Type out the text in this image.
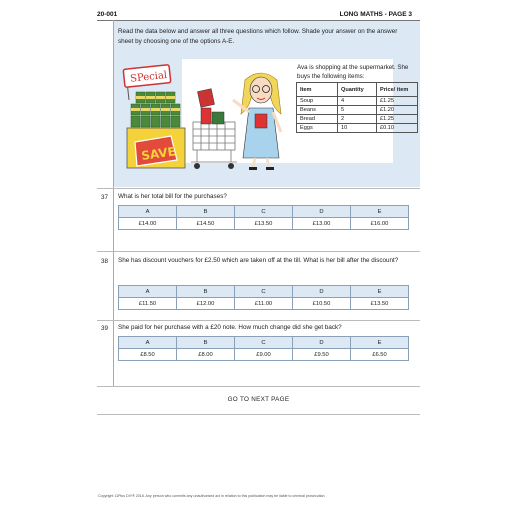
20-001	LONG MATHS - PAGE 3
Read the data below and answer all three questions which follow. Shade your answer on the answer sheet by choosing one of the options A-E.
SPecial
SAVE!
Ava is shopping at the supermarket. She buys the following items:
Item	Quantity	Price/ item
Soup	4	£1.25
Beans	5	£1.20
Bread	2	£1.25
Eggs	10	£0.10
37 What is her total bill for the purchases?
A	B	C	D	E
£14.00	£14.50	£13.50	£13.00	£16.00
38 She has discount vouchers for £2.50 which are taken off at the till. What is her bill after the discount?
A	B	C	D	E
£11.50	£12.00	£11.00	£10.50	£13.50
39 She paid for her purchase with a £20 note. How much change did she get back?
A	B	C	D	E
£8.50	£8.00	£9.00	£9.50	£6.50
GO TO NEXT PAGE
Copyright 11Plus DIY® 2018. Any person who commits any unauthorised act in relation to this publication may be liable to criminal prosecution.
